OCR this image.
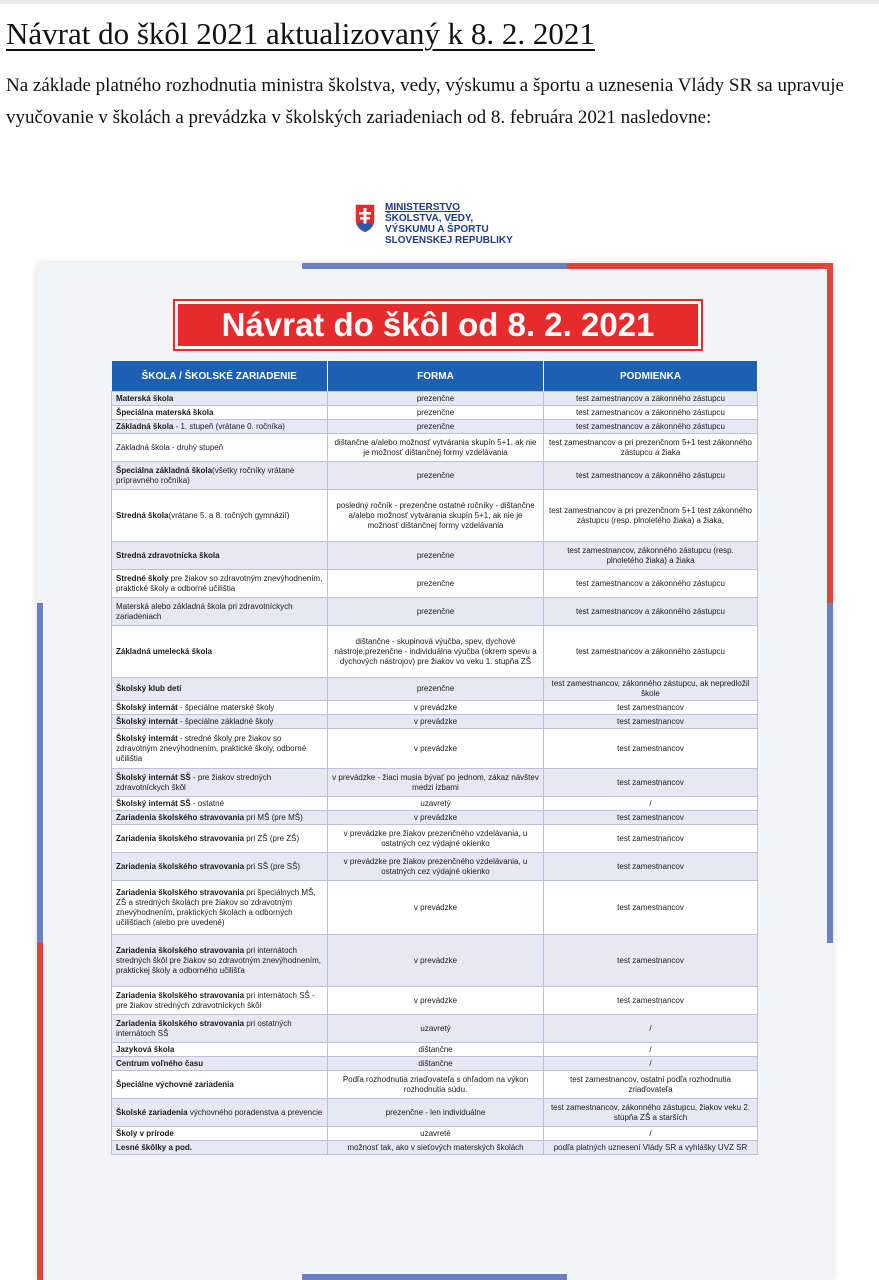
Návrat do škôl 2021 aktualizovaný k 8. 2. 2021

Na základe platného rozhodnutia ministra školstva, vedy, výskumu a športu a uznesenia Vlády SR sa upravuje vyučovanie v školách a prevádzka v školských zariadeniach od 8. februára 2021 nasledovne:

MINISTERSTVO
ŠKOLSTVA, VEDY,
VÝSKUMU A ŠPORTU
SLOVENSKEJ REPUBLIKY
Návrat do škôl od 8. 2. 2021
ŠKOLA / ŠKOLSKÉ ZARIADENIE	FORMA	PODMIENKA
Materská škola	prezenčne	test zamestnancov a zákonného zástupcu
Špeciálna materská škola	prezenčne	test zamestnancov a zákonného zástupcu
Základná škola - 1. stupeň (vrátane 0. ročníka)	prezenčne	test zamestnancov a zákonného zástupcu
Základná škola - druhý stupeň	dištančne a/alebo možnosť vytvárania skupín 5+1, ak nie je možnosť dištančnej formy vzdelávania	test zamestnancov a pri prezenčnom 5+1 test zákonného zástupcu a žiaka
Špeciálna základná škola(všetky ročníky vrátane prípravného ročníka)	prezenčne	test zamestnancov a zákonného zástupcu
Stredná škola(vrátane 5. a 8. ročných gymnázií)	posledný ročník - prezenčne ostatné ročníky - dištančne a/alebo možnosť vytvárania skupín 5+1, ak nie je možnosť dištančnej formy vzdelávania	test zamestnancov a pri prezenčnom 5+1 test zákonného zástupcu (resp. plnoletého žiaka) a žiaka,
Stredná zdravotnícka škola	prezenčne	test zamestnancov, zákonného zástupcu (resp. plnoletého žiaka) a žiaka
Stredné školy pre žiakov so zdravotným znevýhodnením, praktické školy a odborné učilištia	prezenčne	test zamestnancov a zákonného zástupcu
Materská alebo základná škola pri zdravotníckych zariadeniach	prezenčne	test zamestnancov a zákonného zástupcu
Základná umelecká škola	dištančne - skupinová výučba, spev, dychové nástroje,prezenčne - individuálna výučba (okrem spevu a dychových nástrojov) pre žiakov vo veku 1. stupňa ZŠ	test zamestnancov a zákonného zástupcu
Školský klub detí	prezenčne	test zamestnancov, zákonného zástupcu, ak nepredložil škole
Školský internát - špeciálne materské školy	v prevádzke	test zamestnancov
Školský internát - špeciálne základné školy	v prevádzke	test zamestnancov
Školský internát - stredné školy pre žiakov so zdravotným znevýhodnením, praktické školy, odborné učilištia	v prevádzke	test zamestnancov
Školský internát SŠ - pre žiakov stredných zdravotníckych škôl	v prevádzke - žiaci musia bývať po jednom, zákaz návštev medzi izbami	test zamestnancov
Školský internát SŠ - ostatné	uzavretý	/
Zariadenia školského stravovania pri MŠ (pre MŠ)	v prevádzke	test zamestnancov
Zariadenia školského stravovania pri ZŠ (pre ZŠ)	v prevádzke pre žiakov prezenčného vzdelávania, u ostatných cez výdajné okienko	test zamestnancov
Zariadenia školského stravovania pri SŠ (pre SŠ)	v prevádzke pre žiakov prezenčného vzdelávania, u ostatných cez výdajné okienko	test zamestnancov
Zariadenia školského stravovania pri špeciálnych MŠ, ZŠ a stredných školách pre žiakov so zdravotným znevýhodnením, praktických školách a odborných učilištiach (alebo pre uvedené)	v prevádzke	test zamestnancov
Zariadenia školského stravovania pri internátoch stredných škôl pre žiakov so zdravotným znevýhodnením, praktickej školy a odborného učilišťa	v prevádzke	test zamestnancov
Zariadenia školského stravovania pri internátoch SŠ - pre žiakov stredných zdravotníckych škôl	v prevádzke	test zamestnancov
Zariadenia školského stravovania pri ostatných internátoch SŠ	uzavretý	/
Jazyková škola	dištančne	/
Centrum voľného času	dištančne	/
Špeciálne výchovné zariadenia	Podľa rozhodnutia zriaďovateľa s ohľadom na výkon rozhodnutia súdu.	test zamestnancov, ostatní podľa rozhodnutia zriaďovateľa
Školské zariadenia výchovného poradenstva a prevencie	prezenčne - len individuálne	test zamestnancov, zákonného zástupcu, žiakov veku 2. stupňa ZŠ a starších
Školy v prírode	uzavreté	/
Lesné škôlky a pod.	možnosť tak, ako v sieťových materských školách	podľa platných uznesení Vlády SR a vyhlášky UVZ SR
